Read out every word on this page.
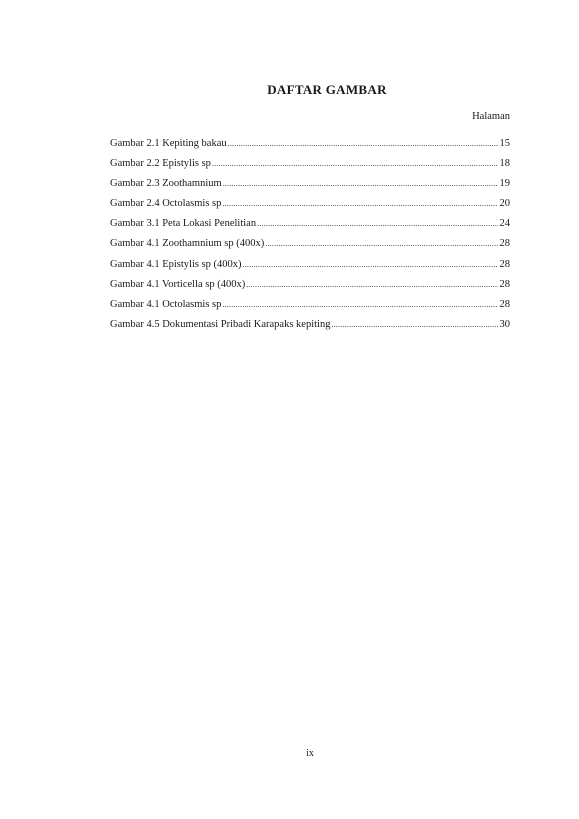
DAFTAR GAMBAR
Halaman
Gambar 2.1 Kepiting bakau .....	15
Gambar 2.2 Epistylis sp .....	18
Gambar 2.3 Zoothamnium .....	19
Gambar 2.4 Octolasmis sp .....	20
Gambar 3.1 Peta Lokasi Penelitian .....	24
Gambar 4.1 Zoothamnium sp (400x) .....	28
Gambar 4.1 Epistylis sp (400x) .....	28
Gambar 4.1 Vorticella sp (400x) .....	28
Gambar 4.1 Octolasmis sp .....	28
Gambar 4.5 Dokumentasi Pribadi Karapaks kepiting .....	30
ix
